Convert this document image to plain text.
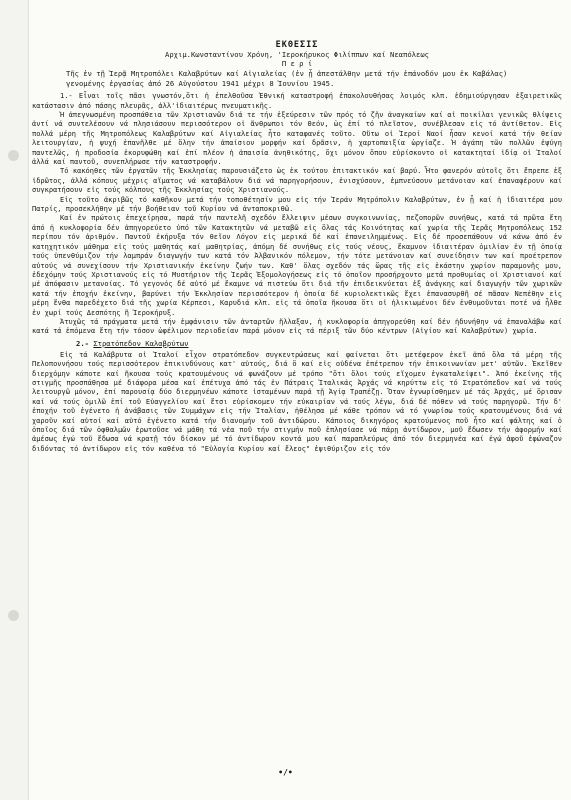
ΕΚΘΕΣΙΣ
Αρχιμ.Κωνσταντίνου Χρόνη, 'Ιεροκήρυκος Φιλίππων καί Νεαπόλεως
Π ε ρ ί
Τῆς ἐν τῇ Ἱερᾷ Μητροπόλει Καλαβρύτων καί Αἰγιαλείας (ἐν ᾗ ἀπεστάλθην μετά τήν ἐπάνοδόν μου ἐκ Καβάλας) γενομένης ἐργασίας ἀπό 26 Αὐγούστου 1941 μέχρι 8 Ἰουνίου 1945.

1.- Εἶναι τοῖς πᾶσι γνωστόν,ὅτι ἡ ἐπελθοῦσα Ἐθνική καταστροφή ἐπακολουθήσας λοιμός κλπ. ἐδημιούργησαν ἐξαιρετικῶς κατάστασιν ἀπό πάσης πλευρᾶς, ἀλλ'ἰδιαιτέρως πνευματικῆς.

Ἡ ἀπεγνωσμένη προσπάθεια τῶν Χριστιανῶν διά τε τήν ἐξεύρεσιν τῶν πρός τό ζῆν ἀναγκαίων καί αἱ ποικίλαι γενικῶς θλίψεις ἀντί νά συντελέσουν νά πλησιάσουν περισσότερον οἱ ἄνθρωποι τόν Θεόν, ὡς ἐπί τό πλεῖστον, συνέβλεσαν εἰς τό ἀντίθετον. Εἰς πολλά μέρη τῆς Μητροπόλεως Καλαβρύτων καί Αἰγιαλείας ἦτο καταφανές τοῦτο. Οὕτω οἱ Ἱεροί Ναοί ἦσαν κενοί κατά τήν θείαν λειτουργίαν, ἡ ψυχή ἐπανῆλθε μέ ὅλην τήν ἀπαίσιον μορφήν καί δρᾶσιν, ἡ χαρτοπαιξία ὠργίαζε. Ἡ ἀγάπη τῶν πολλῶν ἐψύγη παντελῶς, ἡ προδοσία ἐκορυφώθη καί ἐπί πλέον ἡ ἀπαισία ἀνηθικότης, ὄχι μόνον ὅπου εὑρίσκοντο οἱ κατακτηταί ἰδίᾳ οἱ Ἰταλοί ἀλλά καί παντοῦ, συνεπλήρωσε τήν καταστροφήν.

Τό κακόηθες τῶν ἐργατῶν τῆς Ἐκκλησίας παρουσιάζετο ὡς ἐκ τούτου ἐπιτακτικόν καί βαρύ. Ἦτο φανερόν αὐτοῖς ὅτι ἔπρεπε ἐξ ἱδρῶτος, ἀλλά κόπους μέχρις αἵματος νά καταβάλουν διά νά παρηγορήσουν, ἐνισχύσουν, ἐμπνεύσουν μετάνοιαν καί ἐπαναφέρουν καί συγκρατήσουν εἰς τούς κόλπους τῆς Ἐκκλησίας τούς Χριστιανούς.

Εἰς τοῦτο ἀκριβῶς τό καθῆκον μετά τήν τοποθέτησίν μου εἰς τήν Ἱεράν Μητρόπολιν Καλαβρύτων, ἐν ᾗ καί ἡ ἰδιαιτέρα μου Πατρίς, προσεκλήθην μέ τήν βοήθειαν τοῦ Κυρίου νά ἀνταποκριθῶ.

Καί ἐν πρώτοις ἐπεχείρησα, παρά τήν παντελῆ σχεδόν ἔλλειψιν μέσων συγκοινωνίας, πεζοπορῶν συνήθως, κατά τά πρῶτα ἔτη ἀπό ἡ κυκλοφορία δέν ἀπηγορεύετο ὑπό τῶν Κατακτητῶν νά μεταβῶ εἰς ὅλας τάς Κοινότητας καί χωρία τῆς Ἱερᾶς Μητροπόλεως 152 περίπου τόν ἀριθμόν. Παντοῦ ἐκήρυξα τόν θεῖον Λόγον εἰς μερικά δέ καί ἐπανειλημμένως. Εἰς δέ προσεπάθουν νά κάνω ἀπό ἐν κατηχητικόν μάθημα εἰς τούς μαθητάς καί μαθητρίας, ἀπόμη δέ συνήθως εἰς τούς νέους, ἔκαμνον ἰδιαιτέραν ὁμιλίαν ἐν τῇ ὁποίᾳ τούς ὑπενθύμιζον τήν λαμπράν διαγωγήν των κατά τόν Ἀλβανικόν πόλεμον, τήν τότε μετάνοιαν καί συνείδησιν των καί προέτρεπον αὐτούς νά συνεχίσουν τήν Χριστιανικήν ἐκείνην ζωήν των. Καθ' ὅλας σχεδόν τάς ὥρας τῆς εἰς ἑκάστην χωρίον παραμονῆς μου, ἐδεχόμην τούς Χριστιανούς εἰς τό Μυστήριον τῆς Ἱερᾶς Ἐξομολογήσεως εἰς τό ὁποῖον προσήρχοντο μετά προθυμίας οἱ Χριστιανοί καί μέ ἀπόφασιν μετανοίας. Τό γεγονός δέ αὐτό μέ ἔκαμνε νά πιστεύω ὅτι διά τῆν ἐπιδεικνύεται ἐξ ἀνάγκης καί διαγωγήν τῶν χωρικῶν κατά τήν ἐποχήν ἐκείνην, βαρύνει τήν Ἐκκλησίαν περισσότερον ἡ ὁποία δέ κυριολεκτικῶς ἔχει ἐπανασυρθῆ σέ πᾶσαν Νεπέθην εἰς μέρη ἔνθα παρεδέχετο διά τῆς χωρία Κέρπεσι, Καρυδιά κλπ. εἰς τά ὁποῖα ἤκουσα ὅτι οἱ ἡλικιωμένοι δέν ἐνθυμοῦνται ποτέ νά ἦλθε ἐν χωρί τούς Δεσπότης ἢ Ἱεροκήρυξ.

Ἀτυχῶς τά πράγματα μετά τήν ἐμφάνισιν τῶν ἀνταρτῶν ἤλλαξαν, ἡ κυκλοφορία ἀπηγορεύθη καί δέν ἠδυνήθην νά ἐπαναλάβω καί κατά τά ἐπόμενα ἔτη τήν τόσον ὠφέλιμον περιοδείαν παρά μόνον εἰς τά πέριξ τῶν δύο κέντρων (Αἰγίου καί Καλαβρύτων) χωρία.

2.- Στρατόπεδον Καλαβρύτων

Εἰς τά Καλάβρυτα οἱ Ἰταλοί εἶχον στρατόπεδον συγκεντρώσεως καί φαίνεται ὅτι μετέφερον ἐκεῖ ἀπό ὅλα τά μέρη τῆς Πελοποννήσου τούς περισσότερον ἐπικινδύνους κατ' αὐτούς, διά ὅ καί εἰς οὐδένα ἐπέτρεπον τήν ἐπικοινωνίαν μετ' αὐτῶν. Ἐκεῖθεν διερχόμην κάποτε καί ἤκουσα τούς κρατουμένους νά φωνάζουν μέ τρόπο "ὅτι ὅλοι τούς εἴχομεν ἐγκαταλείψει". Ἀπό ἐκείνης τῆς στιγμῆς προσπάθησα μέ διάφορα μέσα καί ἐπέτυχα ἀπό τάς ἐν Πάτραις Ἰταλικάς Ἀρχάς νά κηρύττω εἰς τό Στρατόπεδον καί νά τούς λειτουργῶ μόνον, ἐπί παρουσίᾳ δύο διερμηνέων κάποτε ἱσταμένων παρά τῇ Ἁγίᾳ Τραπέζῃ. Ὅταν ἐγνωρίσθημεν μέ τάς Ἀρχάς, μέ ὅρισαν καί νά τούς ὁμιλῶ ἐπί τοῦ Εὐαγγελίου καί ἔτσι εὐρίσκομεν τήν εὐκαιρίαν νά τούς λέγω, διά δέ πόθεν νά τούς παρηγορῶ. Τήν δ' ἐποχήν τοῦ ἐγένετο ἡ ἀνάβασις τῶν Συμμάχων εἰς τήν Ἰταλίαν, ἠθέλησα μέ κάθε τρόπον νά τό γνωρίσω τούς κρατουμένους διά νά χαροῦν καί αὐτοί καί αὐτό ἐγένετο κατά τήν διανομήν τοῦ ἀντιδώρου. Κάποιος δικηγόρος κρατούμενος ποῦ ἦτο καί ψάλτης καί ὁ ὁποῖος διά τῶν ὀφθαλμῶν ἐρωτοῦσε νά μάθη τά νέα ποῦ τήν στιγμήν ποῦ ἐπλησίασε νά πάρῃ ἀντίδωρον, μοῦ ἔδωσεν τήν ἀφορμήν καί ἀμέσως ἐγώ τοῦ ἔδωσα νά κρατῇ τόν δίσκον μέ τό ἀντίδωρον κοντά μου καί παραπλεύρως ἀπό τόν διερμηνέα καί ἐγώ ἀφοῦ ἐφώναζον διδόντας τό ἀντίδωρον εἰς τόν καθένα τό "Εὐλογία Κυρίου καί ἔλεος" ἐψιθύριζον εἰς τόν

•/•
